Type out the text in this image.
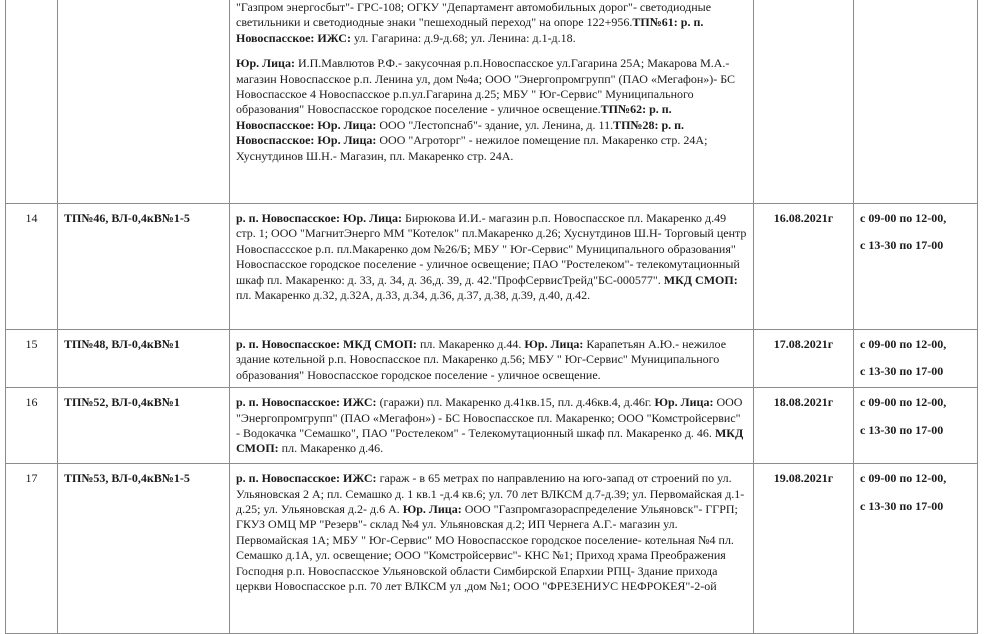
		"Газпром энергосбыт"- ГРС-108; ОГКУ "Департамент автомобильных дорог"- светодиодные светильники и светодиодные знаки "пешеходный переход" на опоре 122+956.ТП№61: р. п. Новоспасское: ИЖС: ул. Гагарина: д.9-д.68; ул. Ленина: д.1-д.18.

Юр. Лица: И.П.Мавлютов Р.Ф.- закусочная р.п.Новоспасское ул.Гагарина 25А; Макарова М.А.- магазин Новоспасское р.п. Ленина ул, дом №4а; ООО "Энергопромгрупп" (ПАО «Мегафон»)- БС Новоспасское 4 Новоспасское р.п.ул.Гагарина д.25; МБУ " Юг-Сервис" Муниципального образования" Новоспасское городское поселение - уличное освещение.ТП№62: р. п. Новоспасское: Юр. Лица: ООО "Лестопснаб"- здание, ул. Ленина, д. 11.ТП№28: р. п. Новоспасское: Юр. Лица: ООО "Агроторг" - нежилое помещение пл. Макаренко стр. 24А; Хуснутдинов Ш.Н.- Магазин, пл. Макаренко стр. 24А.		

14	ТП№46, ВЛ-0,4кВ№1-5	р. п. Новоспасское: Юр. Лица: Бирюкова И.И.- магазин р.п. Новоспасское пл. Макаренко д.49 стр. 1; ООО "МагнитЭнерго ММ "Котелок" пл.Макаренко д.26; Хуснутдинов Ш.Н- Торговый центр Новоспассское р.п. пл.Макаренко дом №26/Б; МБУ " Юг-Сервис" Муниципального образования" Новоспасское городское поселение - уличное освещение; ПАО "Ростелеком"- телекомутационный шкаф пл. Макаренко: д. 33, д. 34, д. 36,д. 39, д. 42."ПрофСервисТрейд"БС-000577". МКД СМОП: пл. Макаренко д.32, д.32А, д.33, д.34, д.36, д.37, д.38, д.39, д.40, д.42.	16.08.2021г	с 09-00 по 12-00,
с 13-30 по 17-00

15	ТП№48, ВЛ-0,4кВ№1	р. п. Новоспасское: МКД СМОП: пл. Макаренко д.44. Юр. Лица: Карапетьян А.Ю.- нежилое здание котельной р.п. Новоспасское пл. Макаренко д.56; МБУ " Юг-Сервис" Муниципального образования" Новоспасское городское поселение - уличное освещение.	17.08.2021г	с 09-00 по 12-00,
с 13-30 по 17-00

16	ТП№52, ВЛ-0,4кВ№1	р. п. Новоспасское: ИЖС: (гаражи) пл. Макаренко д.41кв.15, пл. д.46кв.4, д.46г. Юр. Лица: ООО "Энергопромгрупп" (ПАО «Мегафон») - БС Новоспасское пл. Макаренко; ООО "Комстройсервис" - Водокачка "Семашко", ПАО "Ростелеком" - Телекомутационный шкаф пл. Макаренко д. 46. МКД СМОП: пл. Макаренко д.46.	18.08.2021г	с 09-00 по 12-00,
с 13-30 по 17-00

17	ТП№53, ВЛ-0,4кВ№1-5	р. п. Новоспасское: ИЖС: гараж - в 65 метрах по направлению на юго-запад от строений по ул. Ульяновская 2 А; пл. Семашко д. 1 кв.1 -д.4 кв.6; ул. 70 лет ВЛКСМ д.7-д.39; ул. Первомайская д.1-д.25; ул. Ульяновская д.2- д.6 А. Юр. Лица: ООО "Газпромгазораспределение Ульяновск"- ГГРП; ГКУЗ ОМЦ МР "Резерв"- склад №4 ул. Ульяновская д.2; ИП Чернега А.Г.- магазин ул. Первомайская 1А; МБУ " Юг-Сервис" МО Новоспасское городское поселение- котельная №4 пл. Семашко д.1А, ул. освещение; ООО "Комстройсервис"- КНС №1; Приход храма Преображения Господня р.п. Новоспасское Ульяновской области Симбирской Епархии РПЦ- Здание прихода церкви Новоспасское р.п. 70 лет ВЛКСМ ул ,дом №1; ООО "ФРЕЗЕНИУС НЕФРОКЕЯ"-2-ой	19.08.2021г	с 09-00 по 12-00,
с 13-30 по 17-00
